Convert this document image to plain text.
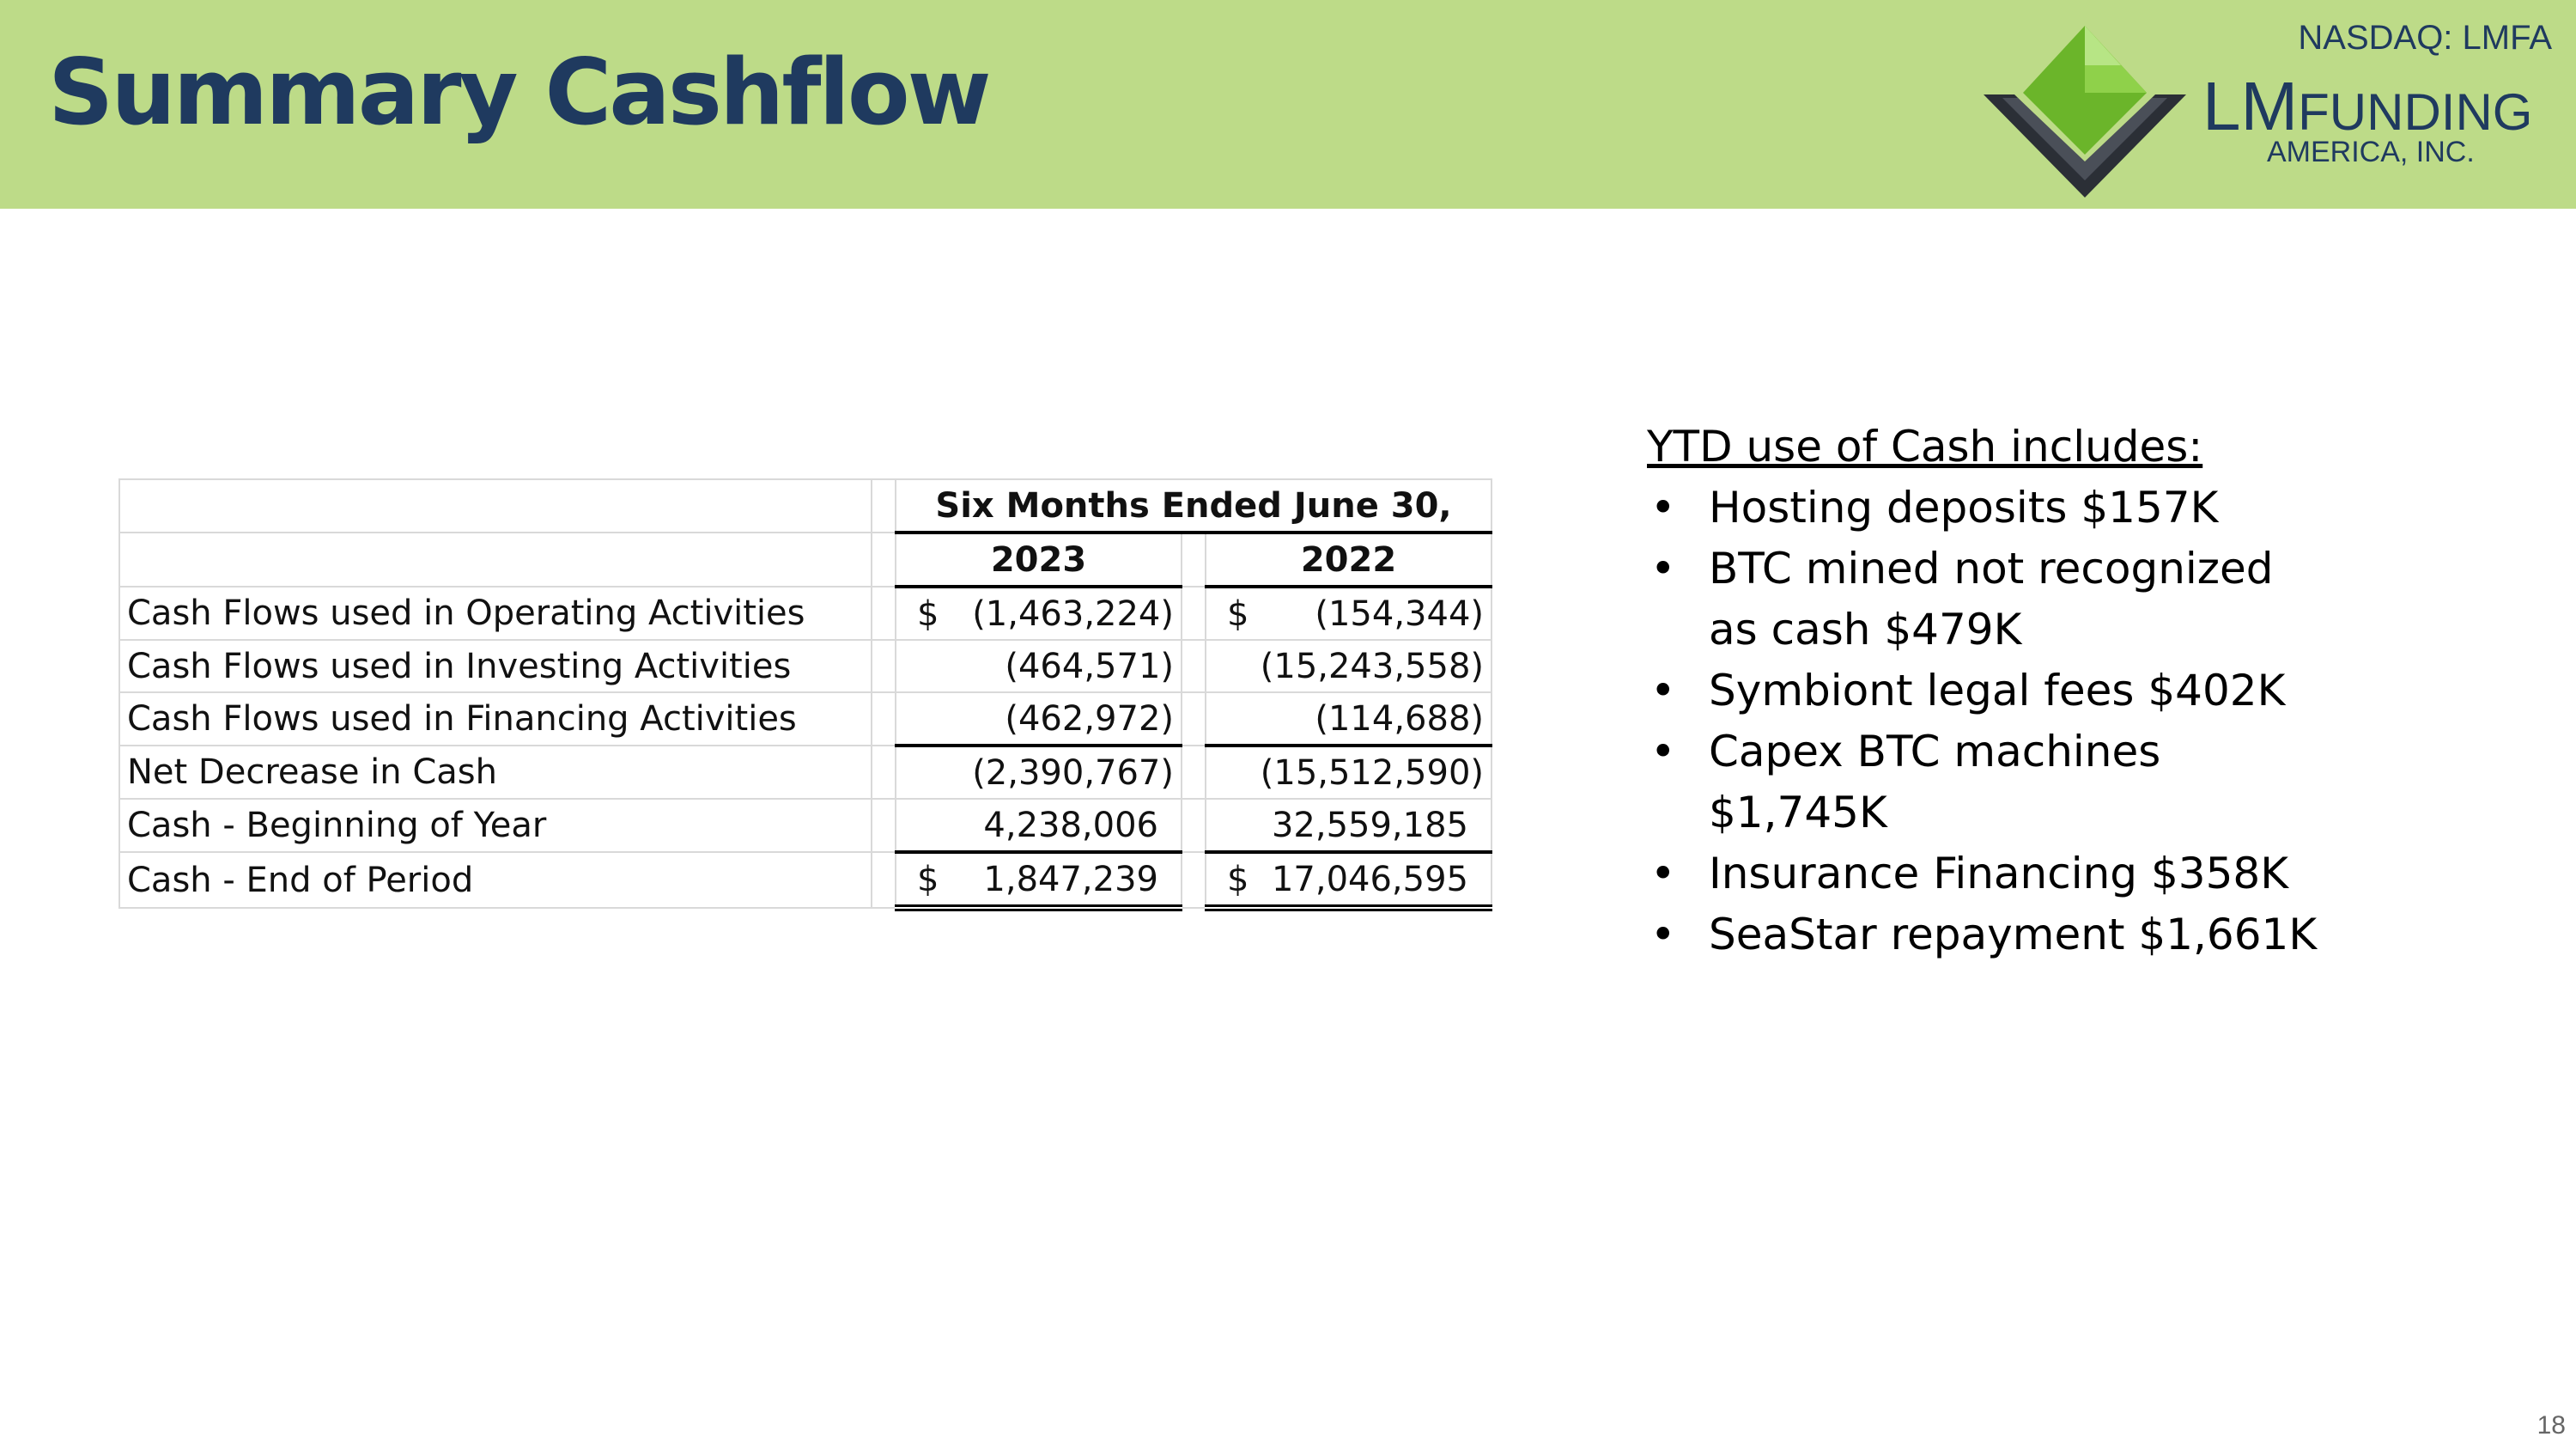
Summary Cashflow
NASDAQ: LMFA
LMFUNDING
AMERICA, INC.
		Six Months Ended June 30,		
		2023		2022
Cash Flows used in Operating Activities		$ (1,463,224)		$ (154,344)

Cash Flows used in Investing Activities		(464,571)		(15,243,558)

Cash Flows used in Financing Activities		(462,972)		(114,688)

Net Decrease in Cash		(2,390,767)		(15,512,590)

Cash - Beginning of Year		4,238,006		32,559,185

Cash - End of Period		$ 1,847,239		$ 17,046,595
YTD use of Cash includes:
• Hosting deposits $157K
• BTC mined not recognized as cash $479K
• Symbiont legal fees $402K
• Capex BTC machines $1,745K
• Insurance Financing $358K
• SeaStar repayment $1,661K
18
